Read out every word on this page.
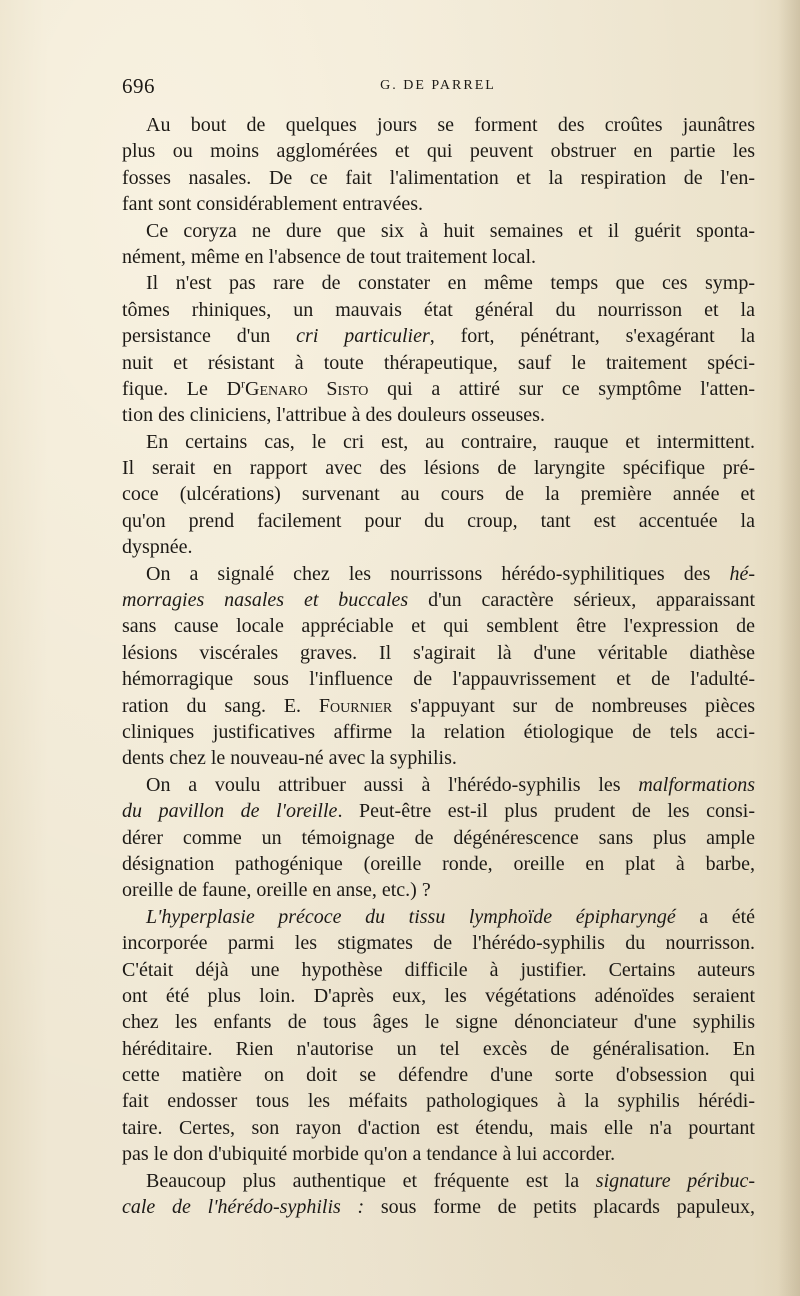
696	G. DE PARREL
Au bout de quelques jours se forment des croûtes jaunâtres
plus ou moins agglomérées et qui peuvent obstruer en partie les
fosses nasales. De ce fait l'alimentation et la respiration de l'en-
fant sont considérablement entravées.
Ce coryza ne dure que six à huit semaines et il guérit sponta-
nément, même en l'absence de tout traitement local.
Il n'est pas rare de constater en même temps que ces symp-
tômes rhiniques, un mauvais état général du nourrisson et la
persistance d'un cri particulier, fort, pénétrant, s'exagérant la
nuit et résistant à toute thérapeutique, sauf le traitement spéci-
fique. Le $D^rGenaro$ Sisto qui a attiré sur ce symptôme l'atten-
tion des cliniciens, l'attribue à des douleurs osseuses.
En certains cas, le cri est, au contraire, rauque et intermittent.
Il serait en rapport avec des lésions de laryngite spécifique pré-
coce (ulcérations) survenant au cours de la première année et
qu'on prend facilement pour du croup, tant est accentuée la
dyspnée.
On a signalé chez les nourrissons hérédo-syphilitiques des hé-
morragies nasales et buccales d'un caractère sérieux, apparaissant
sans cause locale appréciable et qui semblent être l'expression de
lésions viscérales graves. Il s'agirait là d'une véritable diathèse
hémorragique sous l'influence de l'appauvrissement et de l'adulté-
ration du sang. E. Fournier s'appuyant sur de nombreuses pièces
cliniques justificatives affirme la relation étiologique de tels acci-
dents chez le nouveau-né avec la syphilis.
On a voulu attribuer aussi à l'hérédo-syphilis les malformations
du pavillon de l'oreille. Peut-être est-il plus prudent de les consi-
dérer comme un témoignage de dégénérescence sans plus ample
désignation pathogénique (oreille ronde, oreille en plat à barbe,
oreille de faune, oreille en anse, etc.) ?
L'hyperplasie précoce du tissu lymphoïde épipharyngé a été
incorporée parmi les stigmates de l'hérédo-syphilis du nourrisson.
C'était déjà une hypothèse difficile à justifier. Certains auteurs
ont été plus loin. D'après eux, les végétations adénoïdes seraient
chez les enfants de tous âges le signe dénonciateur d'une syphilis
héréditaire. Rien n'autorise un tel excès de généralisation. En
cette matière on doit se défendre d'une sorte d'obsession qui
fait endosser tous les méfaits pathologiques à la syphilis hérédi-
taire. Certes, son rayon d'action est étendu, mais elle n'a pourtant
pas le don d'ubiquité morbide qu'on a tendance à lui accorder.
Beaucoup plus authentique et fréquente est la signature péribuc-
cale de l'hérédo-syphilis : sous forme de petits placards papuleux,
